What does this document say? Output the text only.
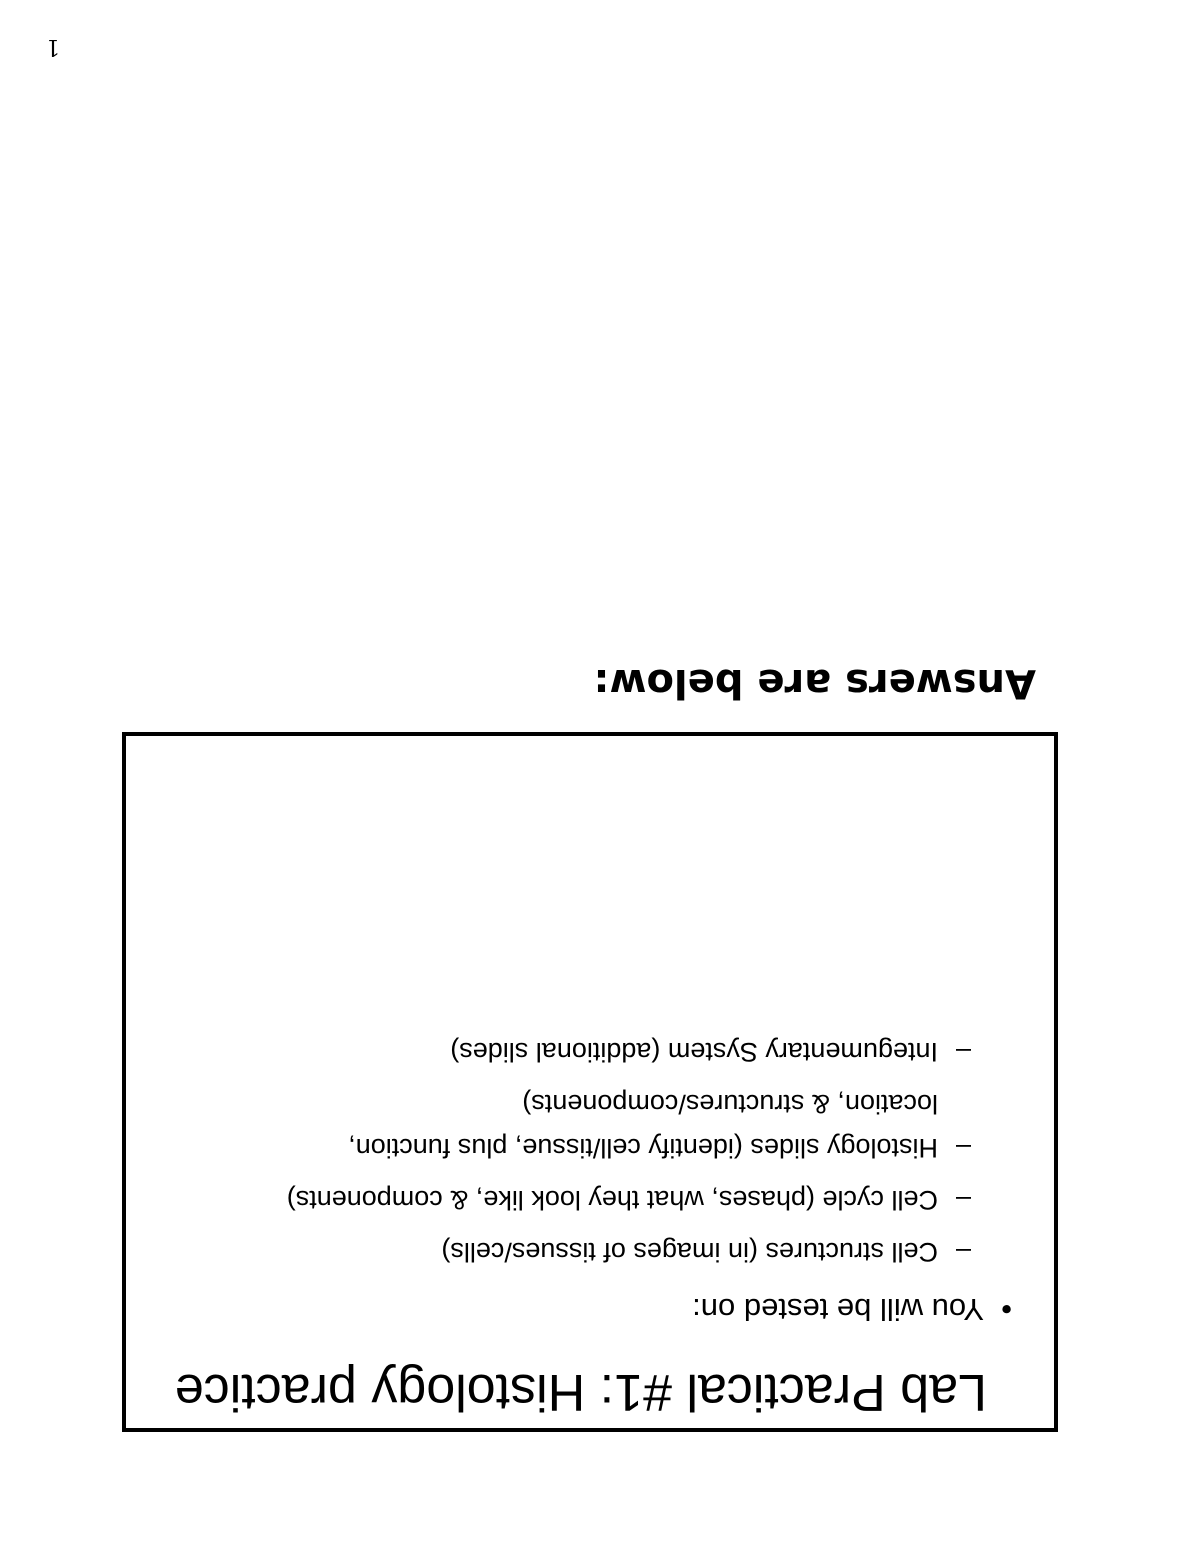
1
Lab Practical #1: Histology practice
•You will be tested on:
–
Cell structures (in images of tissues/cells)
–
Cell cycle (phases, what they look like, & components)
–
Histology slides (identify cell/tissue, plus function, location, & structures/components)
–
Integumentary System (additional slides)
Answers are below:
